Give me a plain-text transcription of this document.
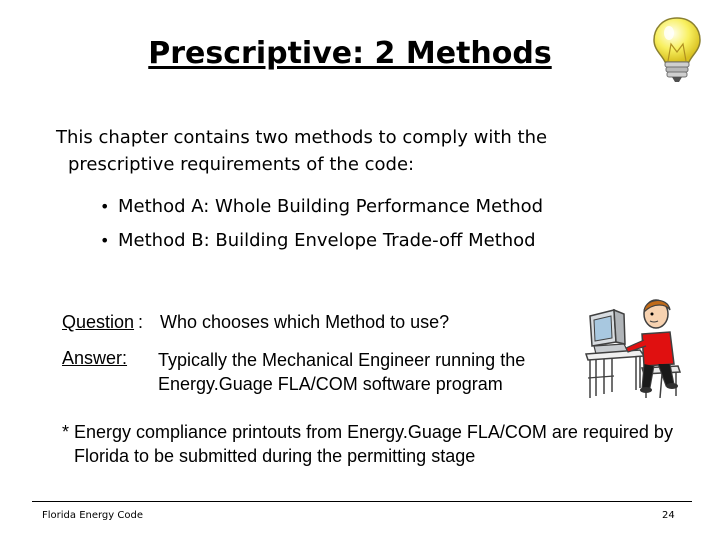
Prescriptive: 2 Methods
This chapter contains two methods to comply with the prescriptive requirements of the code:
• Method A: Whole Building Performance Method
• Method B: Building Envelope Trade-off Method
Question : Who chooses which Method to use?
Answer: Typically the Mechanical Engineer running the Energy.Guage FLA/COM software program
* Energy compliance printouts from Energy.Guage FLA/COM are required by Florida to be submitted during the permitting stage
Florida Energy Code	24
